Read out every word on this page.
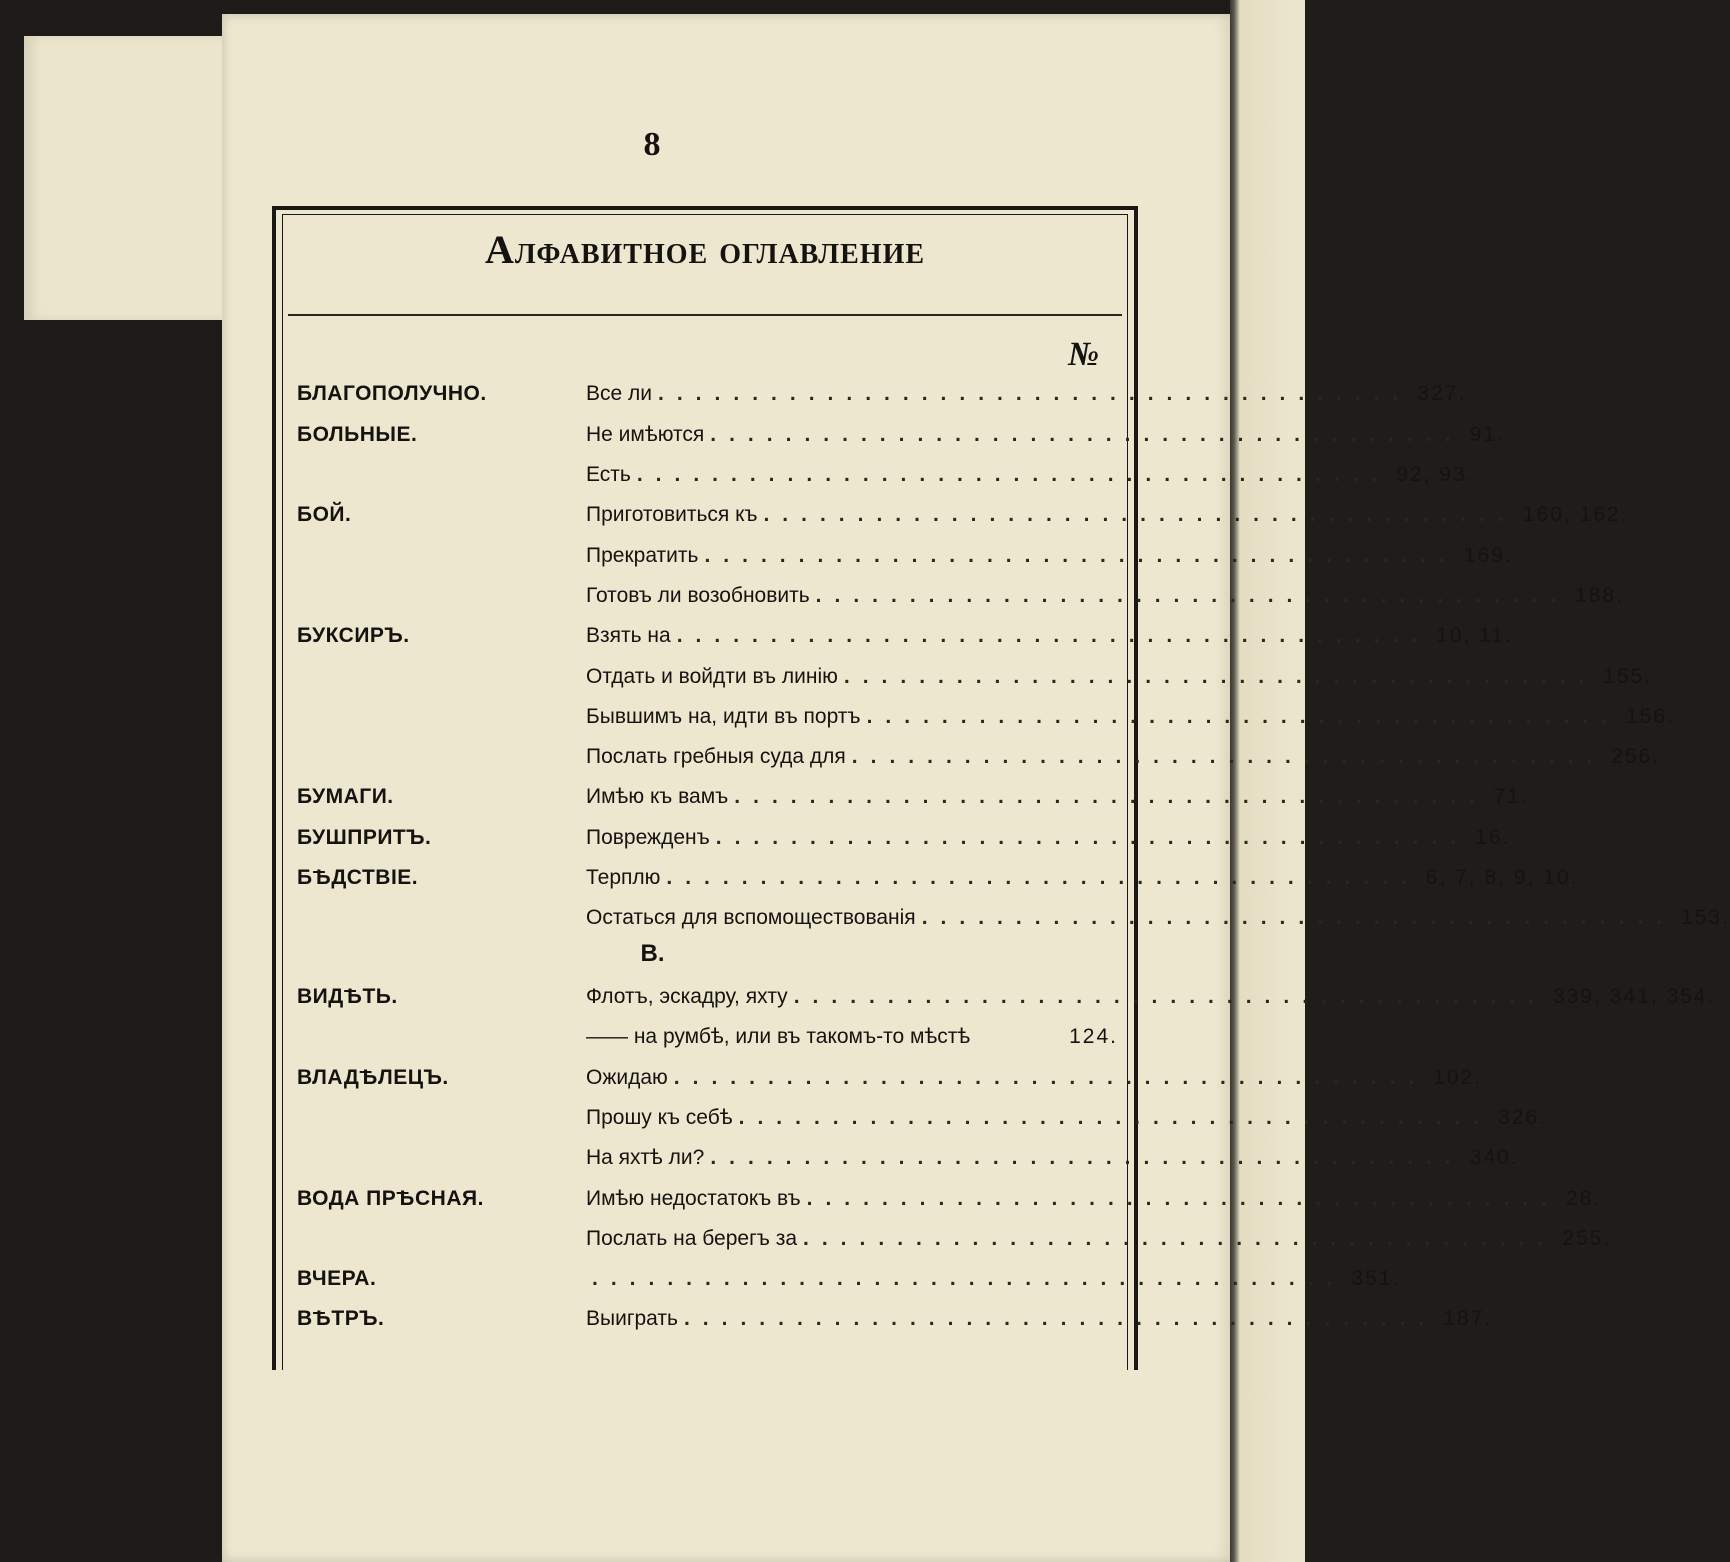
8
Алфавитное оглавление
№
БЛАГОПОЛУЧНО.	Все ли ........................................ 327.
БОЛЬНЫЕ.	Не имѣются ........................................ 91.
Есть ........................................ 92, 93.
БОЙ.	Приготовиться къ ........................................ 160, 162.
Прекратить ........................................ 169.
Готовъ ли возобновить ........................................ 188.
БУКСИРЪ.	Взять на ........................................ 10, 11.
Отдать и войдти въ линію ........................................ 155.
Бывшимъ на, идти въ портъ ........................................ 156.
Послать гребныя суда для ........................................ 256.
БУМАГИ.	Имѣю къ вамъ ........................................ 71.
БУШПРИТЪ.	Поврежденъ ........................................ 16.
БѢДСТВІЕ.	Терплю ........................................ 6, 7, 8, 9, 10.
Остаться для вспомоществованія ........................................ 153.
В.
ВИДѢТЬ.	Флотъ, эскадру, яхту ........................................ 339, 341, 354.
—— на румбѣ, или въ такомъ-то мѣстѣ	124.
ВЛАДѢЛЕЦЪ.	Ожидаю ........................................ 102.
Прошу къ себѣ ........................................ 326.
На яхтѣ ли? ........................................ 340.
ВОДА ПРѢСНАЯ.	Имѣю недостатокъ въ ........................................ 28.
Послать на берегъ за ........................................ 255.
ВЧЕРА.	........................................ 351.
ВѢТРЪ.	Выиграть ........................................ 187.
